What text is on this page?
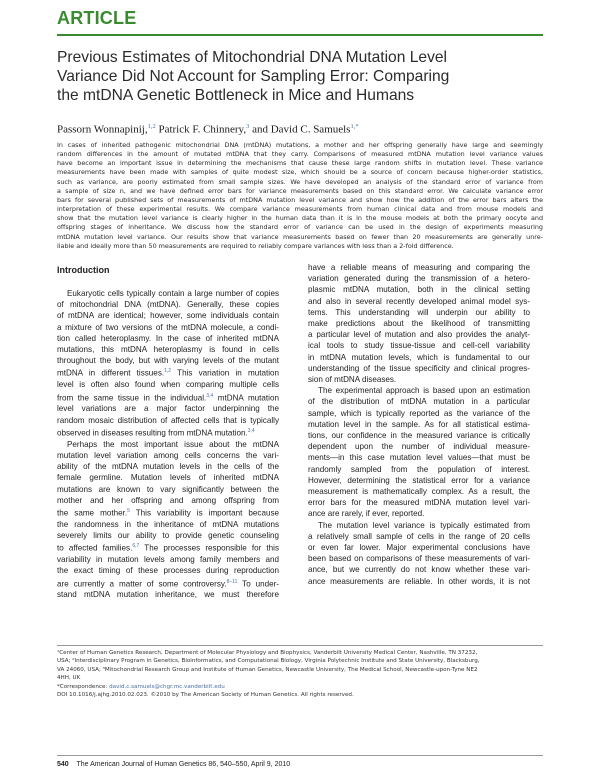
ARTICLE
Previous Estimates of Mitochondrial DNA Mutation Level
Variance Did Not Account for Sampling Error: Comparing
the mtDNA Genetic Bottleneck in Mice and Humans
Passorn Wonnapinij,$^{1,2}$ Patrick F. Chinnery,$^3$ and David C. Samuels$^{1,*}$
In cases of inherited pathogenic mitochondrial DNA (mtDNA) mutations, a mother and her offspring generally have large and seemingly
random differences in the amount of mutated mtDNA that they carry. Comparisons of measured mtDNA mutation level variance values
have become an important issue in determining the mechanisms that cause these large random shifts in mutation level. These variance
measurements have been made with samples of quite modest size, which should be a source of concern because higher-order statistics,
such as variance, are poorly estimated from small sample sizes. We have developed an analysis of the standard error of variance from
a sample of size n, and we have defined error bars for variance measurements based on this standard error. We calculate variance error
bars for several published sets of measurements of mtDNA mutation level variance and show how the addition of the error bars alters the
interpretation of these experimental results. We compare variance measurements from human clinical data and from mouse models and
show that the mutation level variance is clearly higher in the human data than it is in the mouse models at both the primary oocyte and
offspring stages of inheritance. We discuss how the standard error of variance can be used in the design of experiments measuring
mtDNA mutation level variance. Our results show that variance measurements based on fewer than 20 measurements are generally unre-
liable and ideally more than 50 measurements are required to reliably compare variances with less than a 2-fold difference.
Introduction
Eukaryotic cells typically contain a large number of copies
of mitochondrial DNA (mtDNA). Generally, these copies
of mtDNA are identical; however, some individuals contain
a mixture of two versions of the mtDNA molecule, a condi-
tion called heteroplasmy. In the case of inherited mtDNA
mutations, this mtDNA heteroplasmy is found in cells
throughout the body, but with varying levels of the mutant
mtDNA in different tissues.$^{1,2}$ This variation in mutation
level is often also found when comparing multiple cells
from the same tissue in the individual.$^{3,4}$ mtDNA mutation
level variations are a major factor underpinning the
random mosaic distribution of affected cells that is typically
observed in diseases resulting from mtDNA mutation.$^{3,4}$
Perhaps the most important issue about the mtDNA
mutation level variation among cells concerns the vari-
ability of the mtDNA mutation levels in the cells of the
female germline. Mutation levels of inherited mtDNA
mutations are known to vary significantly between the
mother and her offspring and among offspring from
the same mother.$^5$ This variability is important because
the randomness in the inheritance of mtDNA mutations
severely limits our ability to provide genetic counseling
to affected families.$^{6,7}$ The processes responsible for this
variability in mutation levels among family members and
the exact timing of these processes during reproduction
are currently a matter of some controversy.$^{8-11}$ To under-
stand mtDNA mutation inheritance, we must therefore
have a reliable means of measuring and comparing the
variation generated during the transmission of a hetero-
plasmic mtDNA mutation, both in the clinical setting
and also in several recently developed animal model sys-
tems. This understanding will underpin our ability to
make predictions about the likelihood of transmitting
a particular level of mutation and also provides the analyt-
ical tools to study tissue-tissue and cell-cell variability
in mtDNA mutation levels, which is fundamental to our
understanding of the tissue specificity and clinical progres-
sion of mtDNA diseases.
The experimental approach is based upon an estimation
of the distribution of mtDNA mutation in a particular
sample, which is typically reported as the variance of the
mutation level in the sample. As for all statistical estima-
tions, our confidence in the measured variance is critically
dependent upon the number of individual measure-
ments—in this case mutation level values—that must be
randomly sampled from the population of interest.
However, determining the statistical error for a variance
measurement is mathematically complex. As a result, the
error bars for the measured mtDNA mutation level vari-
ance are rarely, if ever, reported.
The mutation level variance is typically estimated from
a relatively small sample of cells in the range of 20 cells
or even far lower. Major experimental conclusions have
been based on comparisons of these measurements of vari-
ance, but we currently do not know whether these vari-
ance measurements are reliable. In other words, it is not
¹Center of Human Genetics Research, Department of Molecular Physiology and Biophysics, Vanderbilt University Medical Center, Nashville, TN 37232,
USA; ²Interdisciplinary Program in Genetics, Bioinformatics, and Computational Biology, Virginia Polytechnic Institute and State University, Blacksburg,
VA 24060, USA; ³Mitochondrial Research Group and Institute of Human Genetics, Newcastle University, The Medical School, Newcastle-upon-Tyne NE2
4HH, UK
*Correspondence: david.c.samuels@chgr.mc.vanderbilt.edu
DOI 10.1016/j.ajhg.2010.02.023. ©2010 by The American Society of Human Genetics. All rights reserved.
540 The American Journal of Human Genetics 86, 540–550, April 9, 2010
